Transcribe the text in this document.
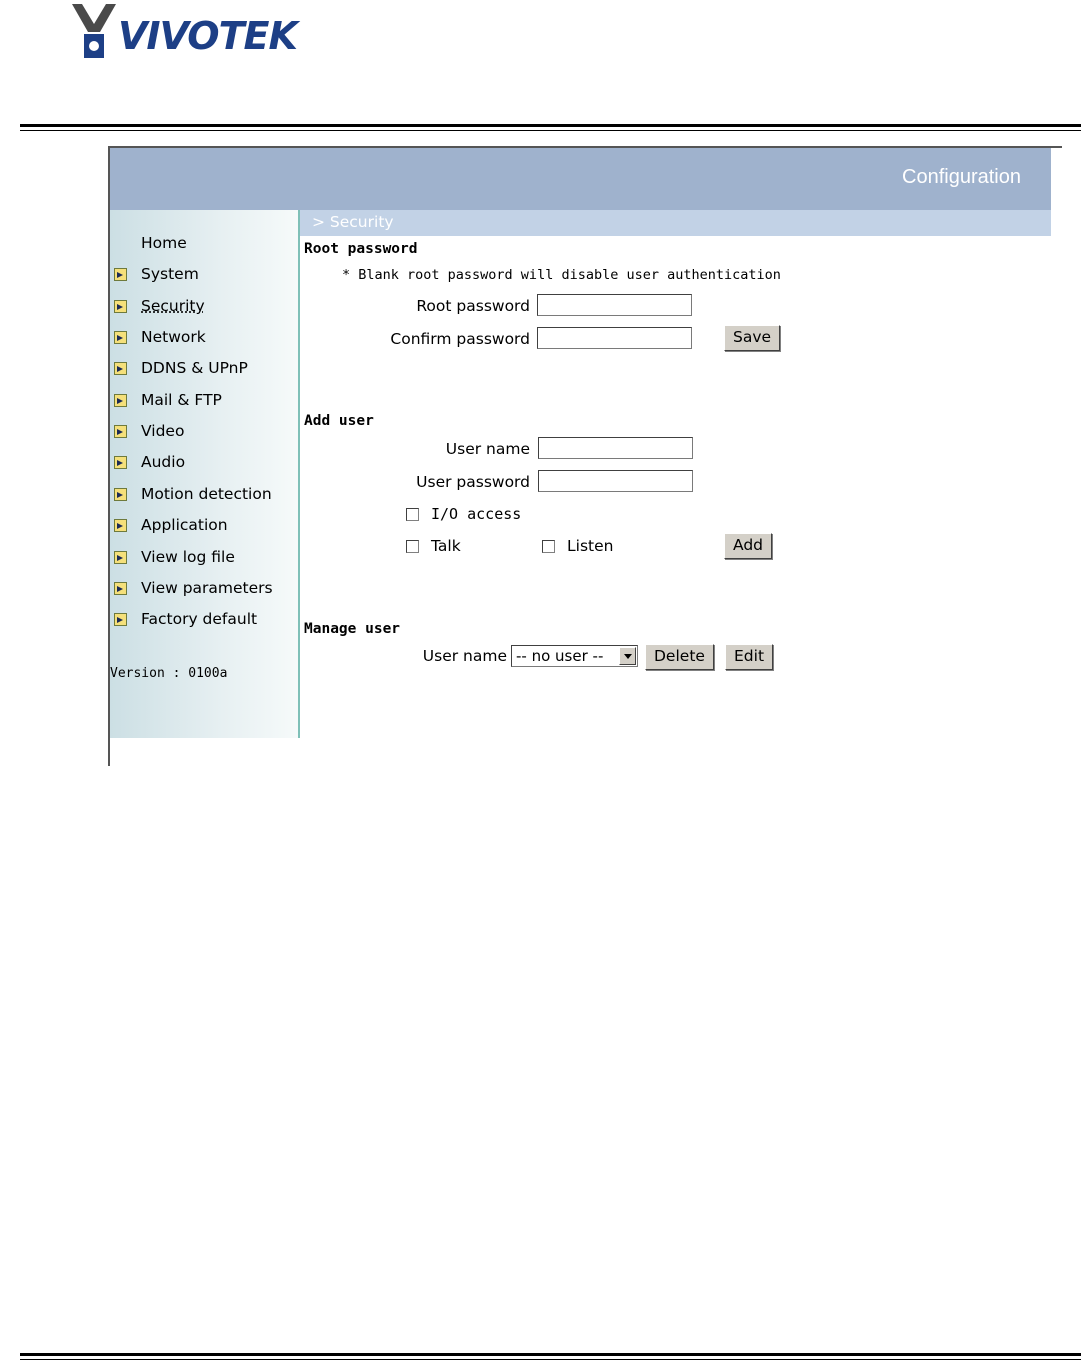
VIVOTEK
Configuration
Home
System
Security
Network
DDNS & UPnP
Mail & FTP
Video
Audio
Motion detection
Application
View log file
View parameters
Factory default
Version : 0100a
> Security
Root password
* Blank root password will disable user authentication
Root password
Confirm password	Save
Add user
User name
User password
I/O access
Talk	Listen	Add
Manage user
User name -- no user --	Delete	Edit
